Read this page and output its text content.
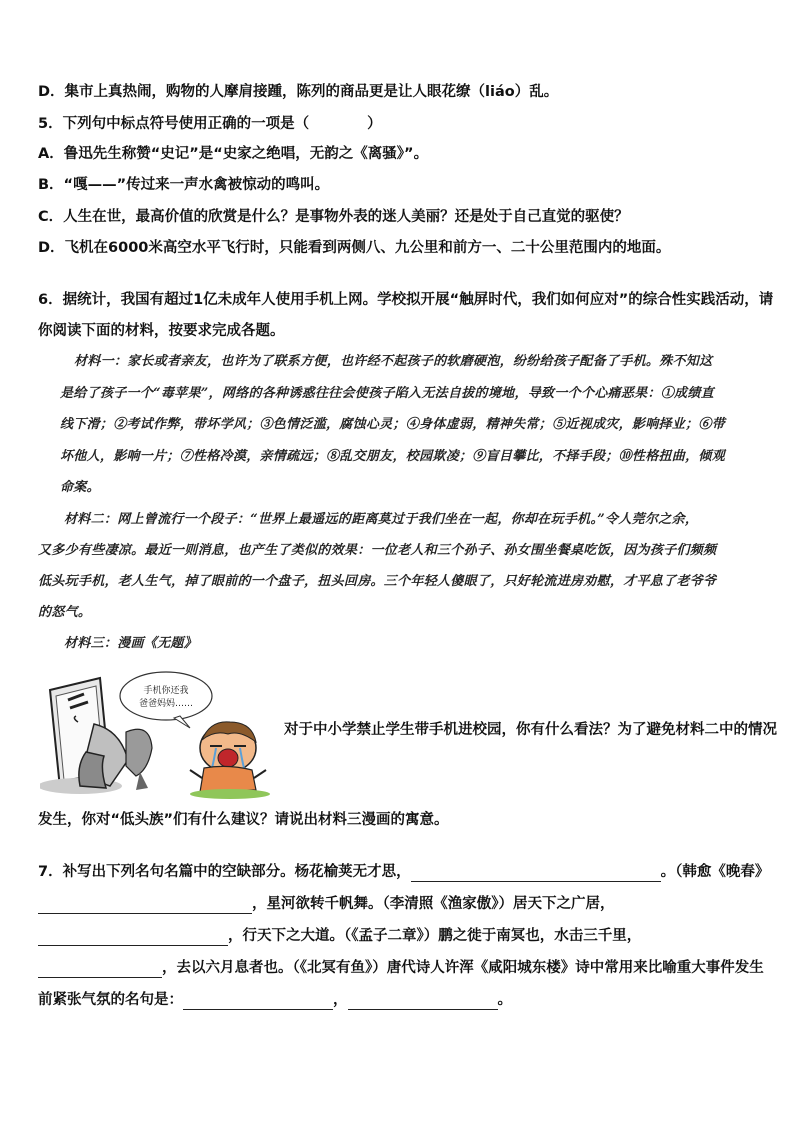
D．集市上真热闹，购物的人摩肩接踵，陈列的商品更是让人眼花缭（liáo）乱。
5．下列句中标点符号使用正确的一项是（　　　　）
A．鲁迅先生称赞“史记”是“史家之绝唱，无韵之《离骚》”。
B．“嘎——”传过来一声水禽被惊动的鸣叫。
C．人生在世，最高价值的欣赏是什么？是事物外表的迷人美丽？还是处于自己直觉的驱使？
D．飞机在6000米高空水平飞行时，只能看到两侧八、九公里和前方一、二十公里范围内的地面。
6．据统计，我国有超过1亿未成年人使用手机上网。学校拟开展“触屏时代，我们如何应对”的综合性实践活动，请
你阅读下面的材料，按要求完成各题。
材料一：家长或者亲友，也许为了联系方便，也许经不起孩子的软磨硬泡，纷纷给孩子配备了手机。殊不知这
是给了孩子一个“毒苹果”，网络的各种诱惑往往会使孩子陷入无法自拔的境地，导致一个个心痛恶果：①成绩直
线下滑；②考试作弊，带坏学风；③色情泛滥，腐蚀心灵；④身体虚弱，精神失常；⑤近视成灾，影响择业；⑥带
坏他人，影响一片；⑦性格冷漠，亲情疏远；⑧乱交朋友，校园欺凌；⑨盲目攀比，不择手段；⑩性格扭曲，倾观
命案。
材料二：网上曾流行一个段子：“世界上最遥远的距离莫过于我们坐在一起，你却在玩手机。”令人莞尔之余，
又多少有些凄凉。最近一则消息，也产生了类似的效果：一位老人和三个孙子、孙女围坐餐桌吃饭，因为孩子们频频
低头玩手机，老人生气，掉了眼前的一个盘子，扭头回房。三个年轻人傻眼了，只好轮流进房劝慰，才平息了老爷爷
的怒气。
材料三：漫画《无题》
手机你还我
爸爸妈妈……
对于中小学禁止学生带手机进校园，你有什么看法？为了避免材料二中的情况
发生，你对“低头族”们有什么建议？请说出材料三漫画的寓意。
7．补写出下列名句名篇中的空缺部分。杨花榆荚无才思，	。（韩愈《晚春》
，星河欲转千帆舞。（李清照《渔家傲》）居天下之广居，
，行天下之大道。（《孟子二章》）鹏之徙于南冥也，水击三千里，
，去以六月息者也。（《北冥有鱼》）唐代诗人许浑《咸阳城东楼》诗中常用来比喻重大事件发生
前紧张气氛的名句是：	，	。
